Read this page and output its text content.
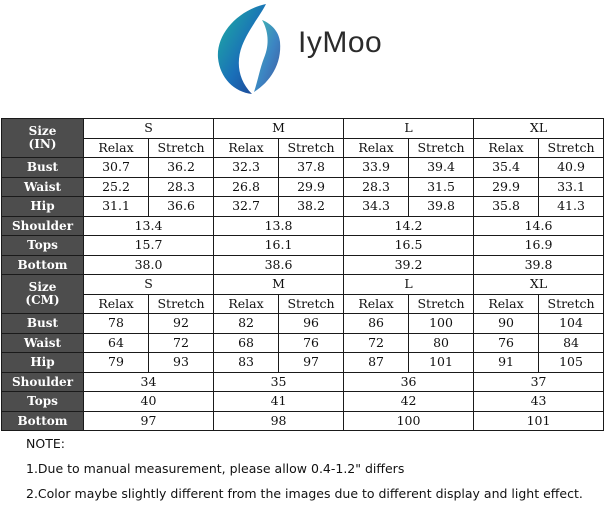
IyMoo
Size
(IN)	S		M		L		XL	
	Relax	Stretch	Relax	Stretch	Relax	Stretch	Relax	Stretch
Bust	30.7	36.2	32.3	37.8	33.9	39.4	35.4	40.9
Waist	25.2	28.3	26.8	29.9	28.3	31.5	29.9	33.1
Hip	31.1	36.6	32.7	38.2	34.3	39.8	35.8	41.3
Shoulder	13.4		13.8		14.2		14.6	
Tops	15.7		16.1		16.5		16.9	
Bottom	38.0		38.6		39.2		39.8	

Size
(CM)	S		M		L		XL	
	Relax	Stretch	Relax	Stretch	Relax	Stretch	Relax	Stretch
Bust	78	92	82	96	86	100	90	104
Waist	64	72	68	76	72	80	76	84
Hip	79	93	83	97	87	101	91	105
Shoulder	34		35		36		37	
Tops	40		41		42		43	
Bottom	97		98		100		101	
NOTE:
1.Due to manual measurement, please allow 0.4-1.2" differs
2.Color maybe slightly different from the images due to different display and light effect.
